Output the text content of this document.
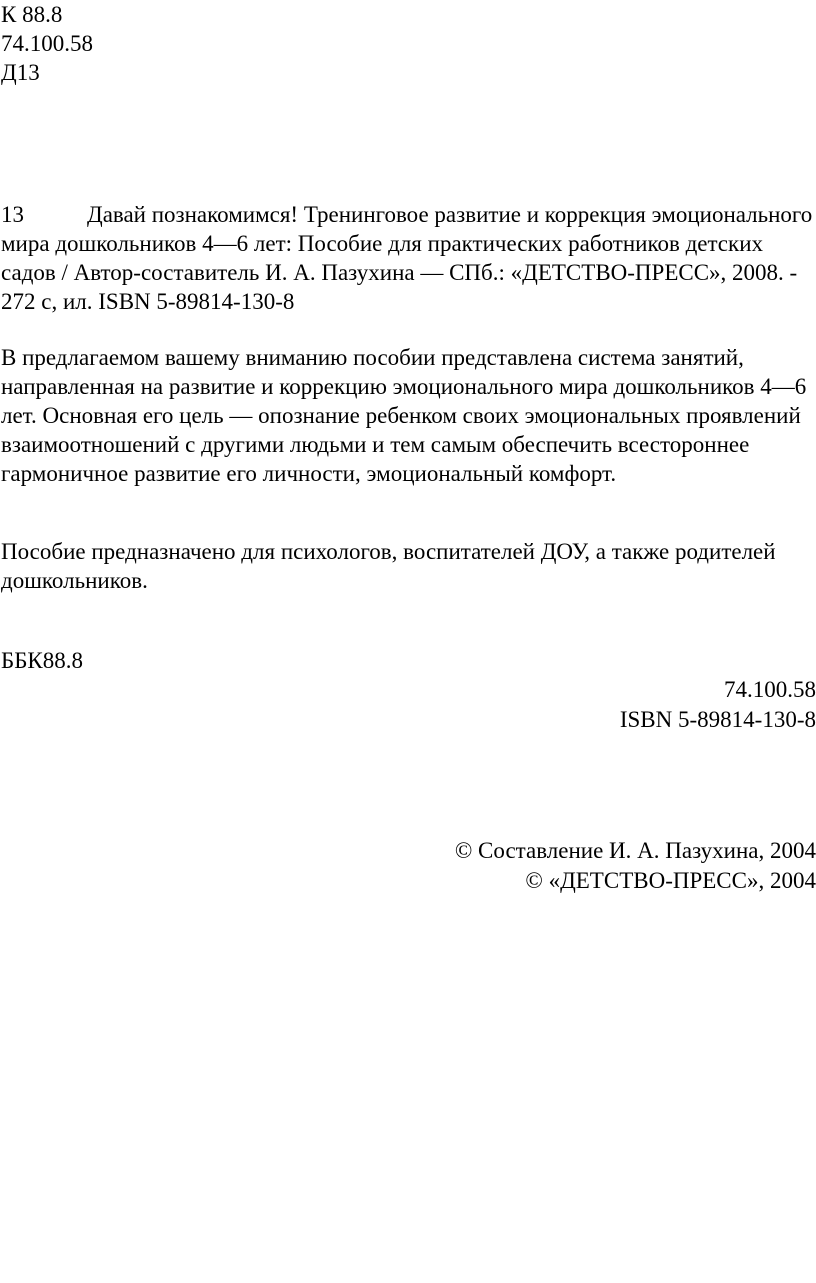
К 88.8
74.100.58
Д13

13	Давай познакомимся! Тренинговое развитие и коррекция эмоционального мира дошкольников 4—6 лет: Пособие для практических работников детских садов / Автор-составитель И. А. Пазухина — СПб.: «ДЕТСТВО-ПРЕСС», 2008. - 272 с, ил. ISBN 5-89814-130-8

В предлагаемом вашему вниманию пособии представлена система занятий, направленная на развитие и коррекцию эмоционального мира дошкольников 4—6 лет. Основная его цель — опознание ребенком своих эмоциональных проявлений взаимоотношений с другими людьми и тем самым обеспечить всестороннее гармоничное развитие его личности, эмоциональный комфорт.

Пособие предназначено для психологов, воспитателей ДОУ, а также родителей дошкольников.

ББК88.8

74.100.58
ISBN 5-89814-130-8
© Составление И. А. Пазухина, 2004
© «ДЕТСТВО-ПРЕСС», 2004
